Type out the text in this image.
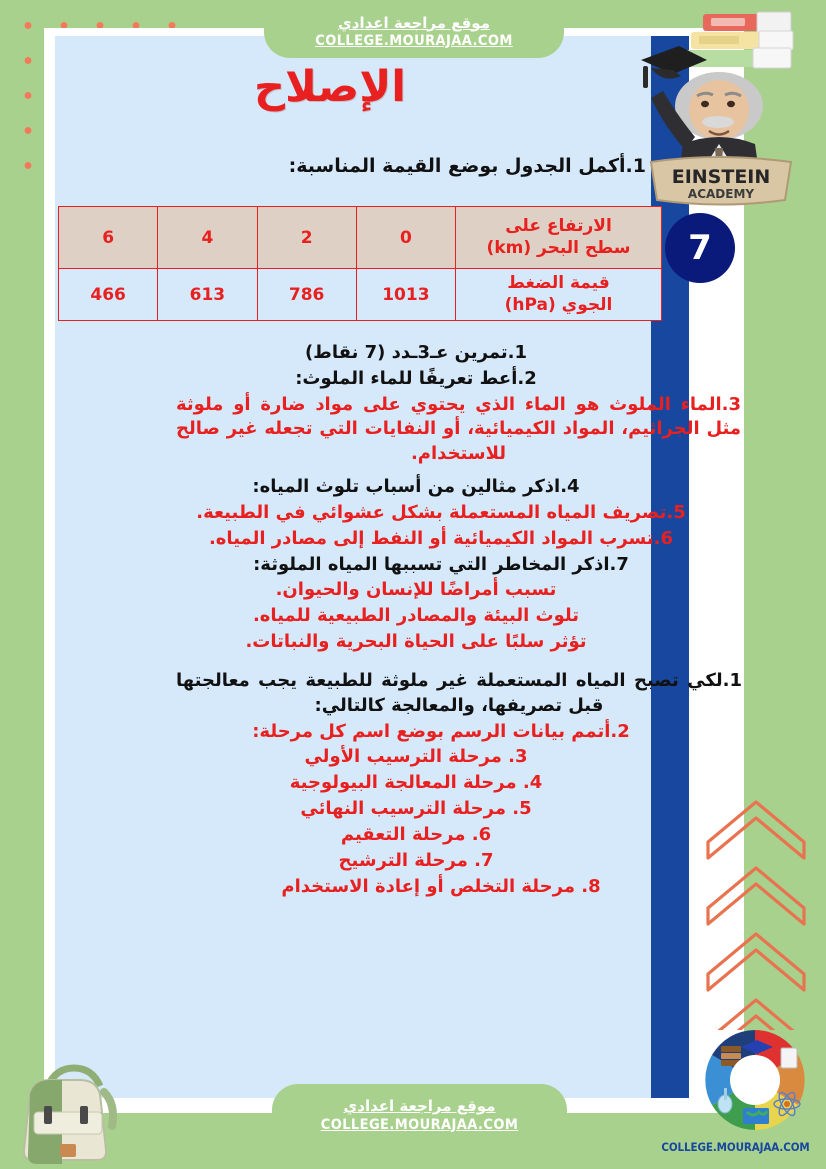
موقع مراجعة اعدادي
COLLEGE.MOURAJAA.COM
EINSTEIN
ACADEMY
الإصلاح
1.أكمل الجدول بوضع القيمة المناسبة:
الارتفاع على
سطح البحر (km)	0	2	4	6
قيمة الضغط
الجوي (hPa)	1013	786	613	466
7
1.تمرين عـ3ـدد (7 نقاط)
2.أعط تعريفًا للماء الملوث:
3.الماء الملوث هو الماء الذي يحتوي على مواد ضارة أو ملوثة مثل الجراثيم، المواد الكيميائية، أو النفايات التي تجعله غير صالح للاستخدام.
4.اذكر مثالين من أسباب تلوث المياه:
5.تصريف المياه المستعملة بشكل عشوائي في الطبيعة.
6.تسرب المواد الكيميائية أو النفط إلى مصادر المياه.
7.اذكر المخاطر التي تسببها المياه الملوثة:
تسبب أمراضًا للإنسان والحيوان.
تلوث البيئة والمصادر الطبيعية للمياه.
تؤثر سلبًا على الحياة البحرية والنباتات.
1.لكي تصبح المياه المستعملة غير ملوثة للطبيعة يجب معالجتها قبل تصريفها، والمعالجة كالتالي:
2.أتمم بيانات الرسم بوضع اسم كل مرحلة:
3. مرحلة الترسيب الأولي
4. مرحلة المعالجة البيولوجية
5. مرحلة الترسيب النهائي
6. مرحلة التعقيم
7. مرحلة الترشيح
8. مرحلة التخلص أو إعادة الاستخدام
موقع مراجعة اعدادي
COLLEGE.MOURAJAA.COM
COLLEGE.MOURAJAA.COM
